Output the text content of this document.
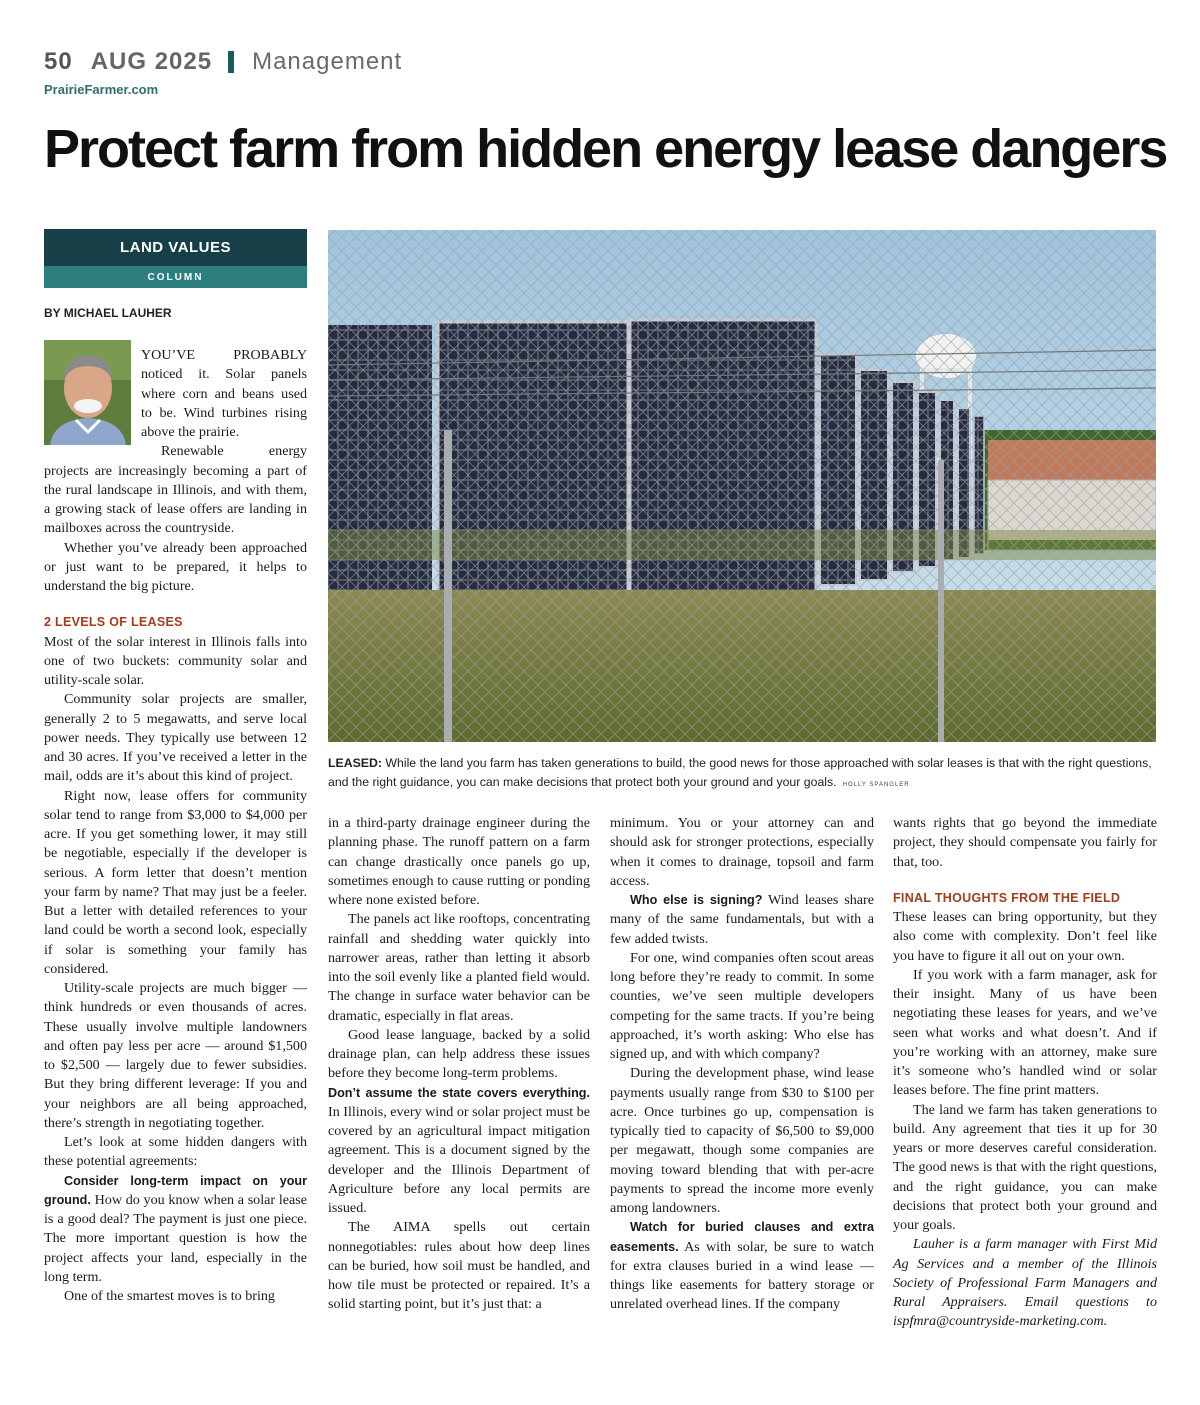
50 AUG 2025 Management
PrairieFarmer.com
Protect farm from hidden energy lease dangers
LAND VALUES
COLUMN
BY MICHAEL LAUHER
LEASED: While the land you farm has taken generations to build, the good news for those approached with solar leases is that with the right questions, and the right guidance, you can make decisions that protect both your ground and your goals. HOLLY SPANGLER

YOU’VE PROBABLY noticed it. Solar panels where corn and beans used to be. Wind turbines rising above the prairie.

Renewable energy projects are increasingly becoming a part of the rural landscape in Illinois, and with them, a growing stack of lease offers are landing in mailboxes across the countryside.

Whether you’ve already been approached or just want to be prepared, it helps to understand the big picture.

2 LEVELS OF LEASES

Most of the solar interest in Illinois falls into one of two buckets: community solar and utility-scale solar.

Community solar projects are smaller, generally 2 to 5 megawatts, and serve local power needs. They typically use between 12 and 30 acres. If you’ve received a letter in the mail, odds are it’s about this kind of project.

Right now, lease offers for community solar tend to range from $3,000 to $4,000 per acre. If you get something lower, it may still be negotiable, especially if the developer is serious. A form letter that doesn’t mention your farm by name? That may just be a feeler. But a letter with detailed references to your land could be worth a second look, especially if solar is something your family has considered.

Utility-scale projects are much bigger — think hundreds or even thousands of acres. These usually involve multiple landowners and often pay less per acre — around $1,500 to $2,500 — largely due to fewer subsidies. But they bring different leverage: If you and your neighbors are all being approached, there’s strength in negotiating together.

Let’s look at some hidden dangers with these potential agreements:

Consider long-term impact on your ground. How do you know when a solar lease is a good deal? The payment is just one piece. The more important question is how the project affects your land, especially in the long term.

One of the smartest moves is to bring

in a third-party drainage engineer during the planning phase. The runoff pattern on a farm can change drastically once panels go up, sometimes enough to cause rutting or ponding where none existed before.

The panels act like rooftops, concentrating rainfall and shedding water quickly into narrower areas, rather than letting it absorb into the soil evenly like a planted field would. The change in surface water behavior can be dramatic, especially in flat areas.

Good lease language, backed by a solid drainage plan, can help address these issues before they become long-term problems.

Don’t assume the state covers everything. In Illinois, every wind or solar project must be covered by an agricultural impact mitigation agreement. This is a document signed by the developer and the Illinois Department of Agriculture before any local permits are issued.

The AIMA spells out certain nonnegotiables: rules about how deep lines can be buried, how soil must be handled, and how tile must be protected or repaired. It’s a solid starting point, but it’s just that: a

minimum. You or your attorney can and should ask for stronger protections, especially when it comes to drainage, topsoil and farm access.

Who else is signing? Wind leases share many of the same fundamentals, but with a few added twists.

For one, wind companies often scout areas long before they’re ready to commit. In some counties, we’ve seen multiple developers competing for the same tracts. If you’re being approached, it’s worth asking: Who else has signed up, and with which company?

During the development phase, wind lease payments usually range from $30 to $100 per acre. Once turbines go up, compensation is typically tied to capacity of $6,500 to $9,000 per megawatt, though some companies are moving toward blending that with per-acre payments to spread the income more evenly among landowners.

Watch for buried clauses and extra easements. As with solar, be sure to watch for extra clauses buried in a wind lease — things like easements for battery storage or unrelated overhead lines. If the company

wants rights that go beyond the immediate project, they should compensate you fairly for that, too.

FINAL THOUGHTS FROM THE FIELD

These leases can bring opportunity, but they also come with complexity. Don’t feel like you have to figure it all out on your own.

If you work with a farm manager, ask for their insight. Many of us have been negotiating these leases for years, and we’ve seen what works and what doesn’t. And if you’re working with an attorney, make sure it’s someone who’s handled wind or solar leases before. The fine print matters.

The land we farm has taken generations to build. Any agreement that ties it up for 30 years or more deserves careful consideration. The good news is that with the right questions, and the right guidance, you can make decisions that protect both your ground and your goals.

Lauher is a farm manager with First Mid Ag Services and a member of the Illinois Society of Professional Farm Managers and Rural Appraisers. Email questions to ispfmra@countryside-marketing.com.
